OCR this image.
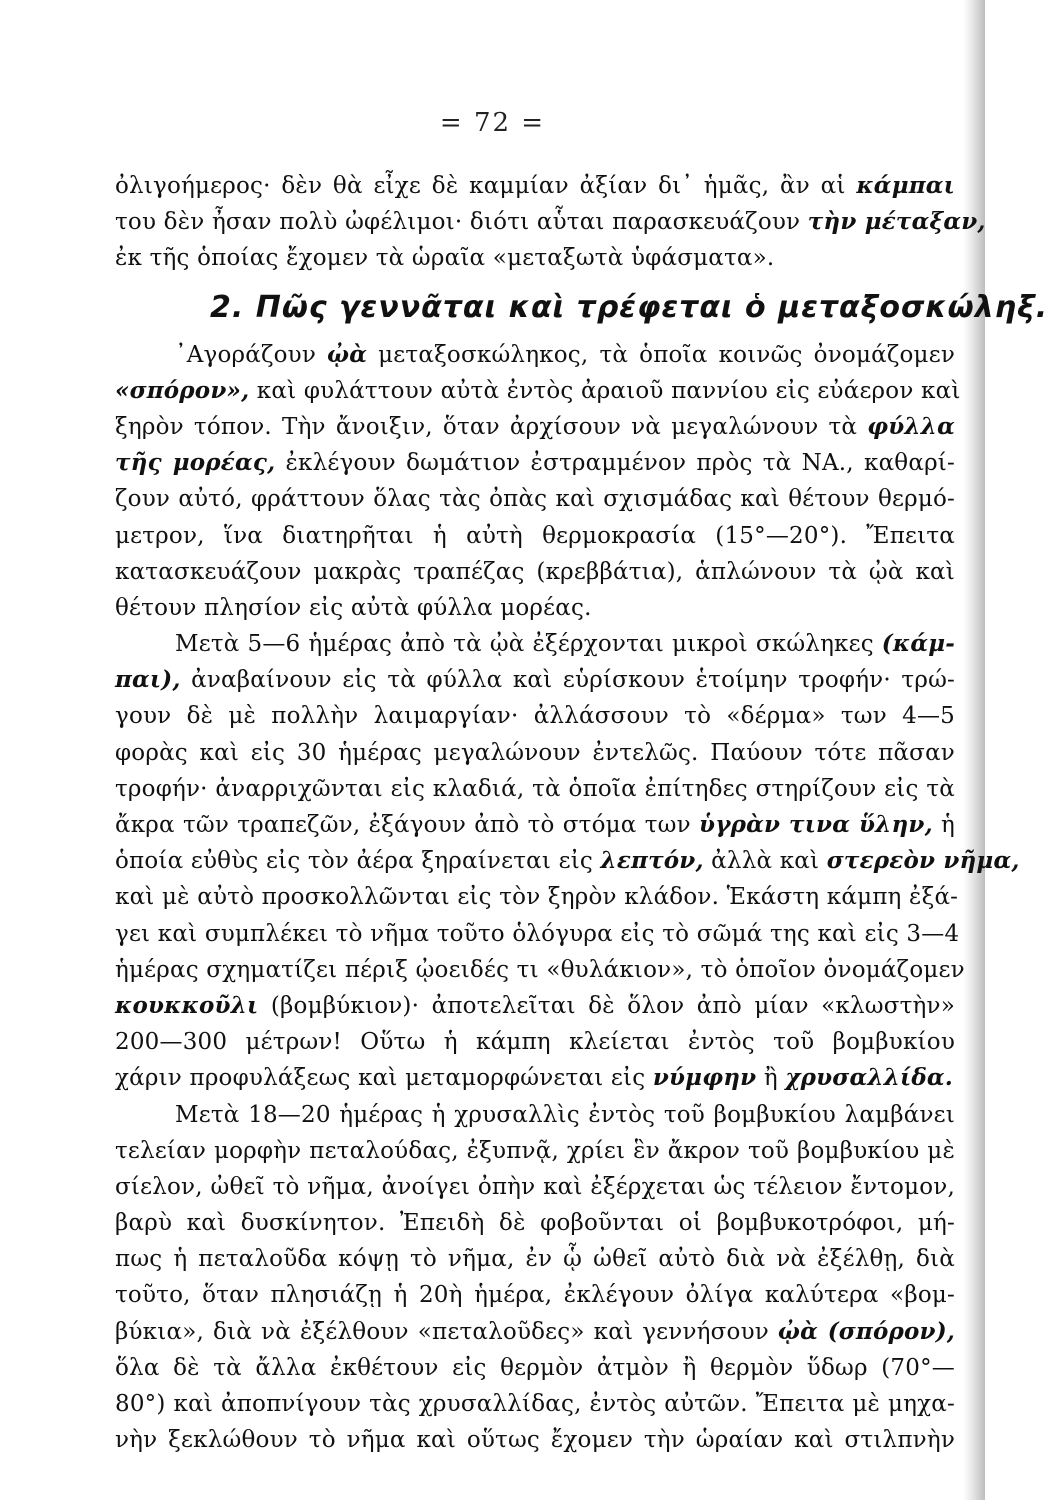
= 72 =
ὀλιγοήμερος· δὲν θὰ εἶχε δὲ καμμίαν ἀξίαν δι᾽ ἡμᾶς, ἂν αἱ κάμπαι
του δὲν ἦσαν πολὺ ὠφέλιμοι· διότι αὗται παρασκευάζουν τὴν μέταξαν,
ἐκ τῆς ὁποίας ἔχομεν τὰ ὡραῖα «μεταξωτὰ ὑφάσματα».
2. Πῶς γεννᾶται καὶ τρέφεται ὁ μεταξοσκώληξ.
᾿Αγοράζουν ᾠὰ μεταξοσκώληκος, τὰ ὁποῖα κοινῶς ὀνομάζομεν
«σπόρον», καὶ φυλάττουν αὐτὰ ἐντὸς ἀραιοῦ παννίου εἰς εὐάερον καὶ
ξηρὸν τόπον. Τὴν ἄνοιξιν, ὅταν ἀρχίσουν νὰ μεγαλώνουν τὰ φύλλα
τῆς μορέας, ἐκλέγουν δωμάτιον ἐστραμμένον πρὸς τὰ ΝΑ., καθαρί-
ζουν αὐτό, φράττουν ὅλας τὰς ὀπὰς καὶ σχισμάδας καὶ θέτουν θερμό-
μετρον, ἵνα διατηρῆται ἡ αὐτὴ θερμοκρασία (15°—20°). Ἔπειτα
κατασκευάζουν μακρὰς τραπέζας (κρεββάτια), ἁπλώνουν τὰ ᾠὰ καὶ
θέτουν πλησίον εἰς αὐτὰ φύλλα μορέας.
Μετὰ 5—6 ἡμέρας ἀπὸ τὰ ᾠὰ ἐξέρχονται μικροὶ σκώληκες (κάμ-
παι), ἀναβαίνουν εἰς τὰ φύλλα καὶ εὑρίσκουν ἑτοίμην τροφήν· τρώ-
γουν δὲ μὲ πολλὴν λαιμαργίαν· ἀλλάσσουν τὸ «δέρμα» των 4—5
φορὰς καὶ εἰς 30 ἡμέρας μεγαλώνουν ἐντελῶς. Παύουν τότε πᾶσαν
τροφήν· ἀναρριχῶνται εἰς κλαδιά, τὰ ὁποῖα ἐπίτηδες στηρίζουν εἰς τὰ
ἄκρα τῶν τραπεζῶν, ἐξάγουν ἀπὸ τὸ στόμα των ὑγρὰν τινα ὕλην, ἡ
ὁποία εὐθὺς εἰς τὸν ἀέρα ξηραίνεται εἰς λεπτόν, ἀλλὰ καὶ στερεὸν νῆμα,
καὶ μὲ αὐτὸ προσκολλῶνται εἰς τὸν ξηρὸν κλάδον. Ἑκάστη κάμπη ἐξά-
γει καὶ συμπλέκει τὸ νῆμα τοῦτο ὁλόγυρα εἰς τὸ σῶμά της καὶ εἰς 3—4
ἡμέρας σχηματίζει πέριξ ᾠοειδές τι «θυλάκιον», τὸ ὁποῖον ὀνομάζομεν
κουκκοῦλι (βομβύκιον)· ἀποτελεῖται δὲ ὅλον ἀπὸ μίαν «κλωστὴν»
200—300 μέτρων! Οὕτω ἡ κάμπη κλείεται ἐντὸς τοῦ βομβυκίου
χάριν προφυλάξεως καὶ μεταμορφώνεται εἰς νύμφην ἢ χρυσαλλίδα.
Μετὰ 18—20 ἡμέρας ἡ χρυσαλλὶς ἐντὸς τοῦ βομβυκίου λαμβάνει
τελείαν μορφὴν πεταλούδας, ἐξυπνᾷ, χρίει ἓν ἄκρον τοῦ βομβυκίου μὲ
σίελον, ὠθεῖ τὸ νῆμα, ἀνοίγει ὀπὴν καὶ ἐξέρχεται ὡς τέλειον ἔντομον,
βαρὺ καὶ δυσκίνητον. Ἐπειδὴ δὲ φοβοῦνται οἱ βομβυκοτρόφοι, μή-
πως ἡ πεταλοῦδα κόψῃ τὸ νῆμα, ἐν ᾧ ὠθεῖ αὐτὸ διὰ νὰ ἐξέλθῃ, διὰ
τοῦτο, ὅταν πλησιάζῃ ἡ 20ὴ ἡμέρα, ἐκλέγουν ὀλίγα καλύτερα «βομ-
βύκια», διὰ νὰ ἐξέλθουν «πεταλοῦδες» καὶ γεννήσουν ᾠὰ (σπόρον),
ὅλα δὲ τὰ ἄλλα ἐκθέτουν εἰς θερμὸν ἀτμὸν ἢ θερμὸν ὕδωρ (70°—
80°) καὶ ἀποπνίγουν τὰς χρυσαλλίδας, ἐντὸς αὐτῶν. Ἔπειτα μὲ μηχα-
νὴν ξεκλώθουν τὸ νῆμα καὶ οὕτως ἔχομεν τὴν ὡραίαν καὶ στιλπνὴν
